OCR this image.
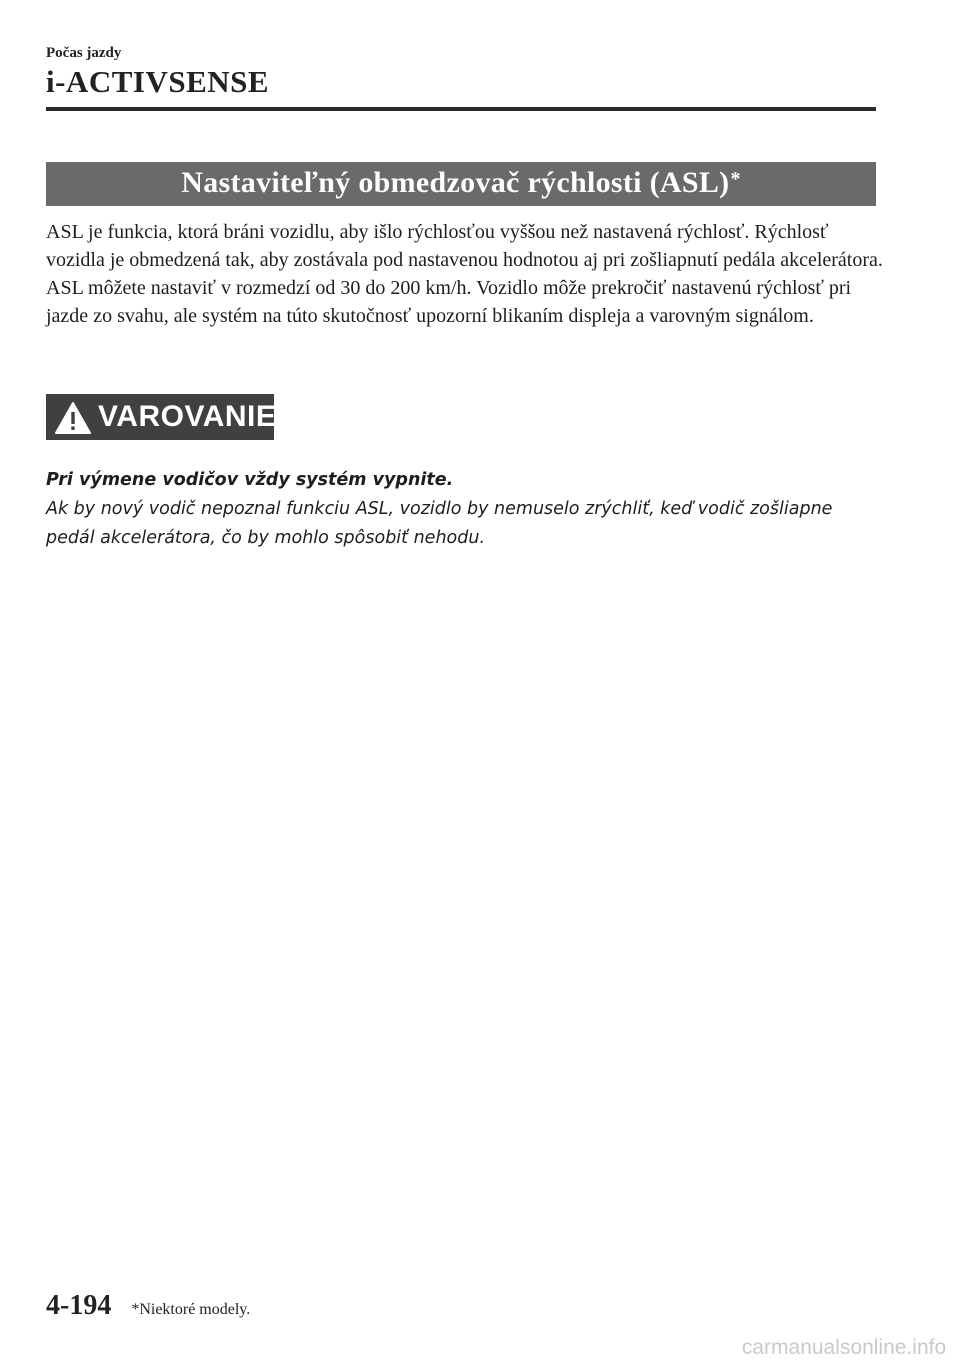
Počas jazdy
i-ACTIVSENSE
Nastaviteľný obmedzovač rýchlosti (ASL)*

ASL je funkcia, ktorá bráni vozidlu, aby išlo rýchlosťou vyššou než nastavená rýchlosť. Rýchlosť vozidla je obmedzená tak, aby zostávala pod nastavenou hodnotou aj pri zošliapnutí pedála akcelerátora.

ASL môžete nastaviť v rozmedzí od 30 do 200 km/h. Vozidlo môže prekročiť nastavenú rýchlosť pri jazde zo svahu, ale systém na túto skutočnosť upozorní blikaním displeja a varovným signálom.

VAROVANIE

Pri výmene vodičov vždy systém vypnite.

Ak by nový vodič nepoznal funkciu ASL, vozidlo by nemuselo zrýchliť, keď vodič zošliapne pedál akcelerátora, čo by mohlo spôsobiť nehodu.

4-194 *Niektoré modely.
carmanualsonline.info
